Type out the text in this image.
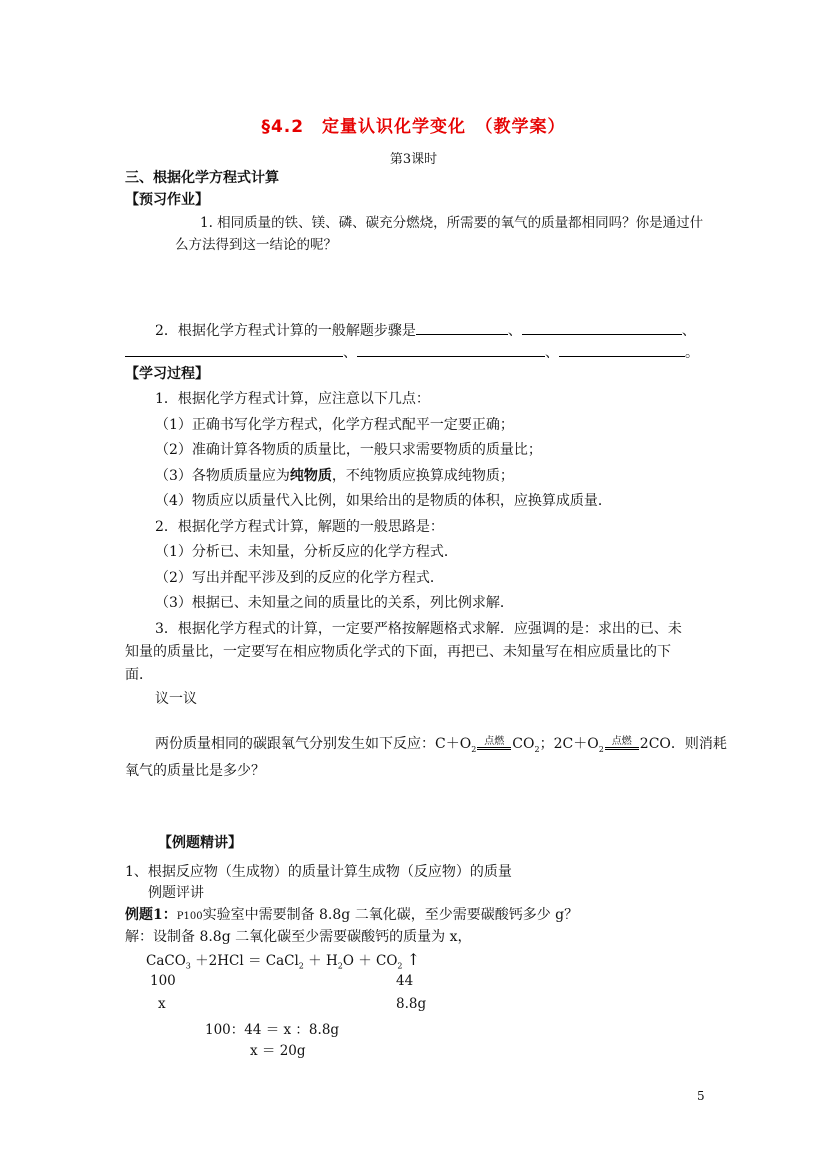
§4.2　定量认识化学变化　（教学案）
第3课时
三、根据化学方程式计算
【预习作业】
1. 相同质量的铁、镁、磷、碳充分燃烧，所需要的氧气的质量都相同吗？你是通过什
么方法得到这一结论的呢？
2．根据化学方程式计算的一般解题步骤是	、	、
、	、	。
【学习过程】
1．根据化学方程式计算，应注意以下几点：
（1）正确书写化学方程式，化学方程式配平一定要正确；
（2）准确计算各物质的质量比，一般只求需要物质的质量比；
（3）各物质质量应为纯物质，不纯物质应换算成纯物质；
（4）物质应以质量代入比例，如果给出的是物质的体积，应换算成质量．
2．根据化学方程式计算，解题的一般思路是：
（1）分析已、未知量，分析反应的化学方程式．
（2）写出并配平涉及到的反应的化学方程式．
（3）根据已、未知量之间的质量比的关系，列比例求解．
3．根据化学方程式的计算，一定要严格按解题格式求解．应强调的是：求出的已、未
知量的质量比，一定要写在相应物质化学式的下面，再把已、未知量写在相应质量比的下
面．
议一议
两份质量相同的碳跟氧气分别发生如下反应：$C+O_2$
点燃 $CO_2$；$2C+O_2$
点燃 2CO．则消耗
氧气的质量比是多少？
【例题精讲】
1、根据反应物（生成物）的质量计算生成物（反应物）的质量
例题评讲
例题1：P100实验室中需要制备 8.8g 二氧化碳，至少需要碳酸钙多少 g？
解：设制备 8.8g 二氧化碳至少需要碳酸钙的质量为 x，
CaCO$_3$ ＋2HCl ＝ CaCl$_2$ ＋ $H_2O + CO_2$ ↑
100	44
x	8.8g
100：44 ＝ x ：8.8g
x ＝ 20g
5
